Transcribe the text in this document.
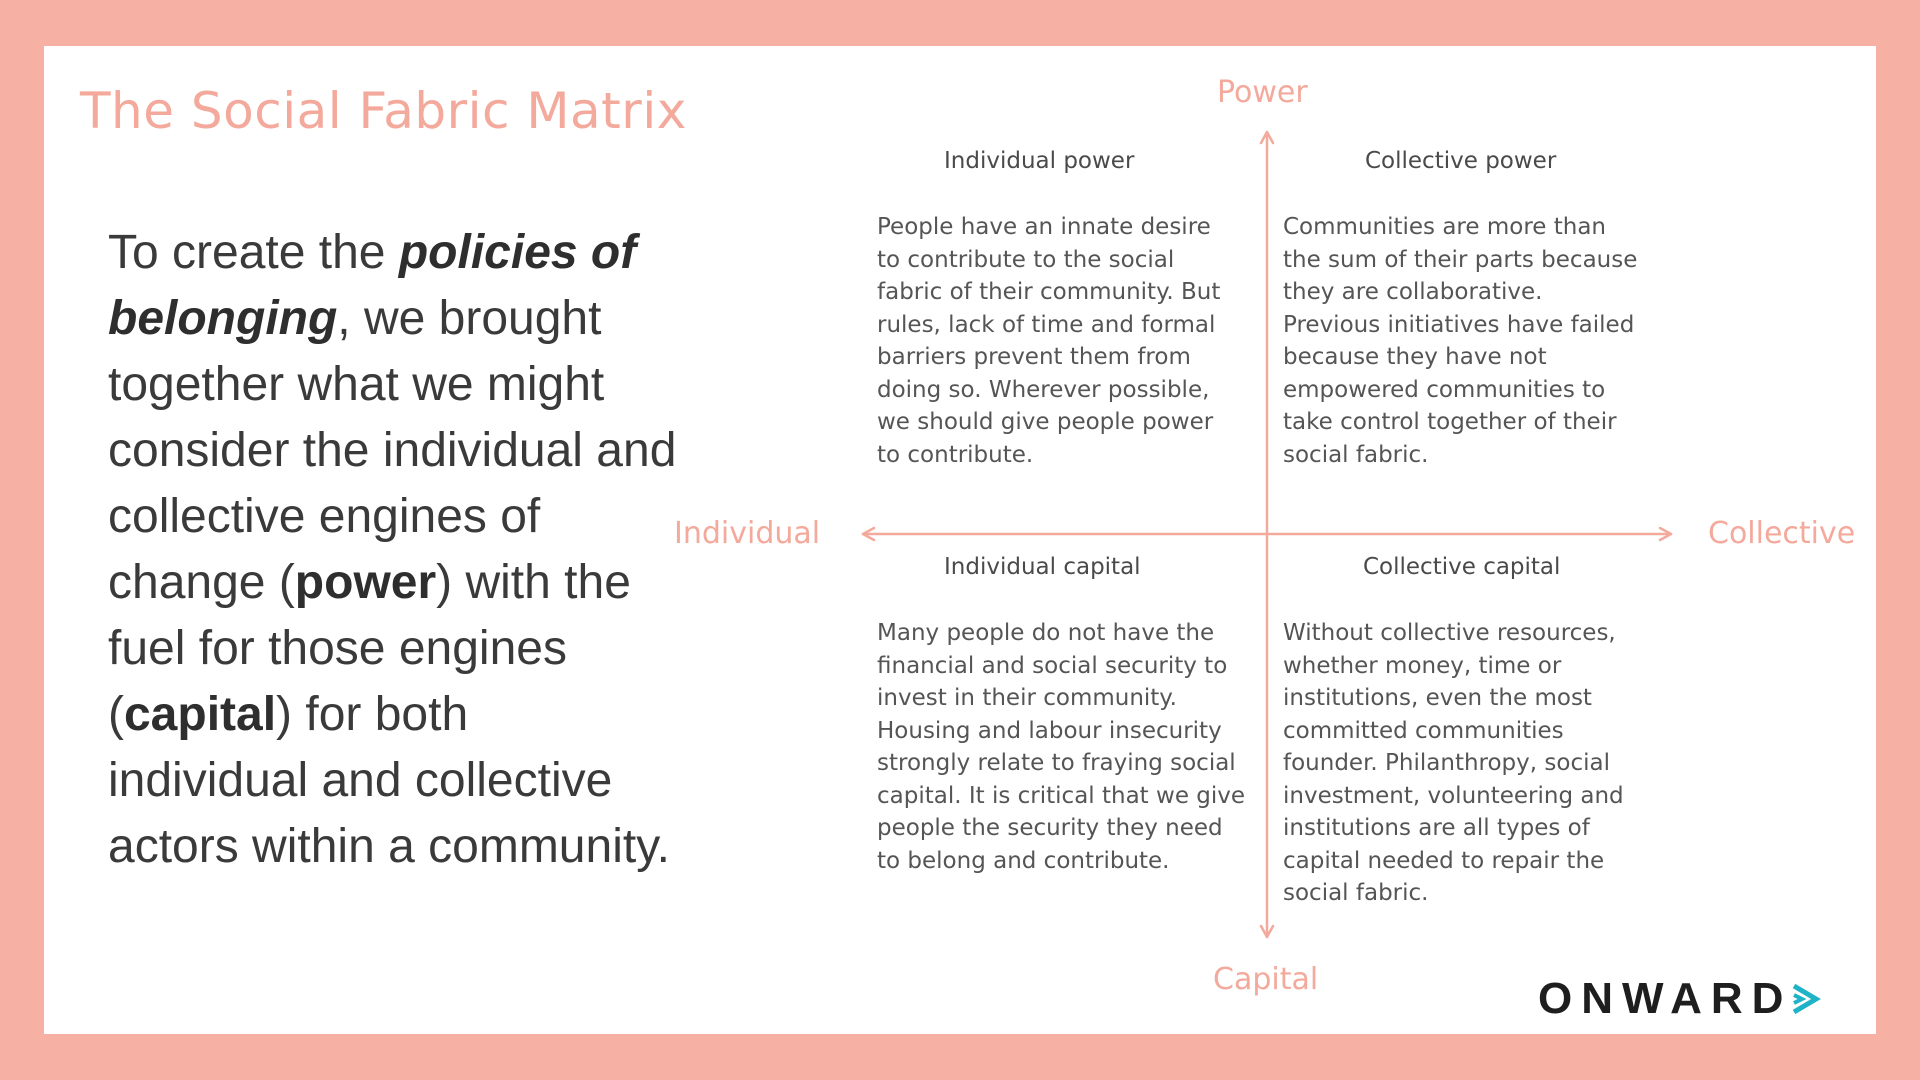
The Social Fabric Matrix

To create the policies of belonging, we brought together what we might consider the individual and collective engines of change (power) with the fuel for those engines (capital) for both individual and collective actors within a community.

Power
Capital
Individual	Collective
Individual power

People have an innate desire
to contribute to the social
fabric of their community. But
rules, lack of time and formal
barriers prevent them from
doing so. Wherever possible,
we should give people power
to contribute.

Collective power

Communities are more than
the sum of their parts because
they are collaborative.
Previous initiatives have failed
because they have not
empowered communities to
take control together of their
social fabric.

Individual capital

Many people do not have the
financial and social security to
invest in their community.
Housing and labour insecurity
strongly relate to fraying social
capital. It is critical that we give
people the security they need
to belong and contribute.

Collective capital

Without collective resources,
whether money, time or
institutions, even the most
committed communities
founder. Philanthropy, social
investment, volunteering and
institutions are all types of
capital needed to repair the
social fabric.

ONWARD
